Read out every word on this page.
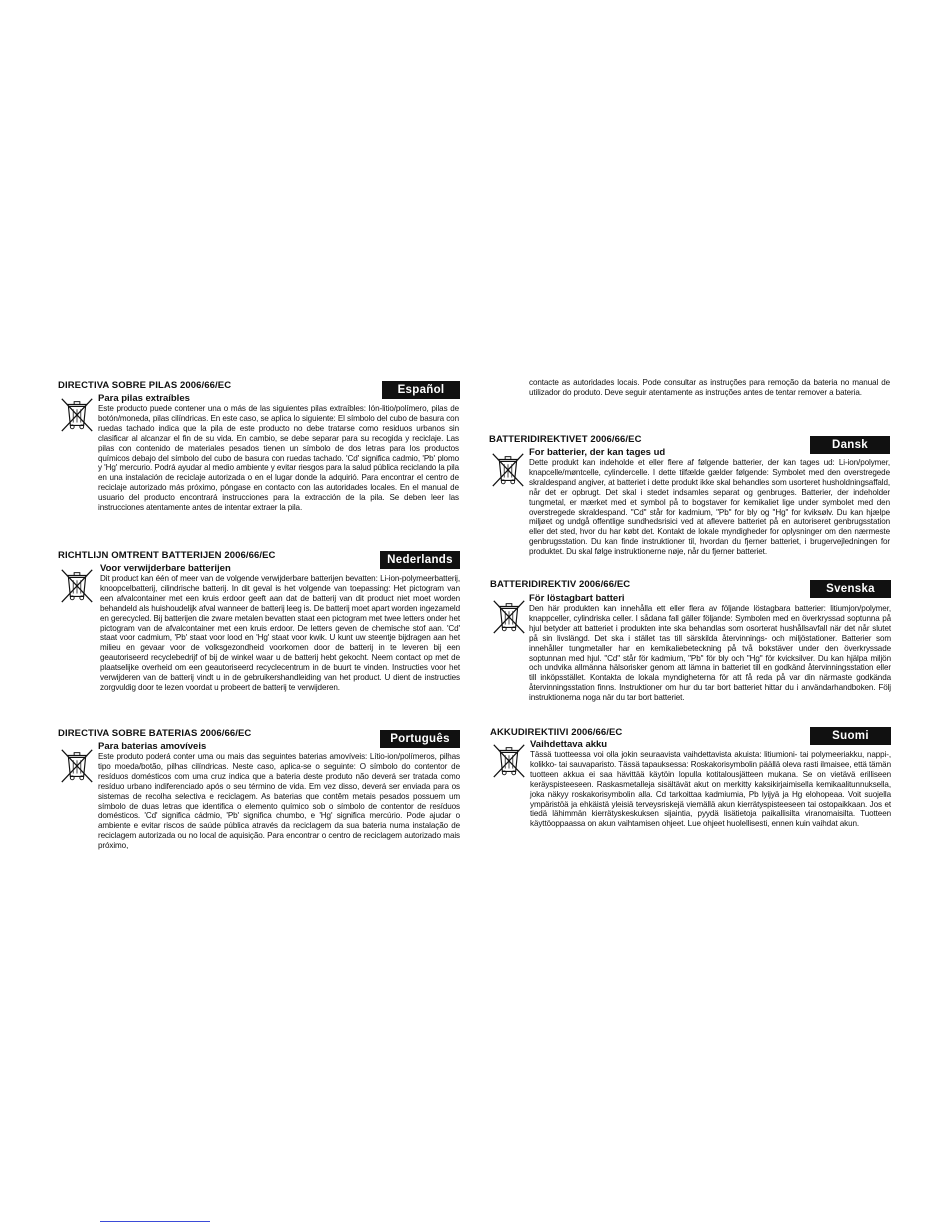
DIRECTIVA SOBRE PILAS 2006/66/EC	Español
Para pilas extraíbles
Este producto puede contener una o más de las siguientes pilas extraíbles: Ión-litio/polímero, pilas de botón/moneda, pilas cilíndricas. En este caso, se aplica lo siguiente: El símbolo del cubo de basura con ruedas tachado indica que la pila de este producto no debe tratarse como residuos urbanos sin clasificar al alcanzar el fin de su vida. En cambio, se debe separar para su recogida y reciclaje. Las pilas con contenido de materiales pesados tienen un símbolo de dos letras para los productos químicos debajo del símbolo del cubo de basura con ruedas tachado. 'Cd' significa cadmio, 'Pb' plomo y 'Hg' mercurio. Podrá ayudar al medio ambiente y evitar riesgos para la salud pública reciclando la pila en una instalación de reciclaje autorizada o en el lugar donde la adquirió. Para encontrar el centro de reciclaje autorizado más próximo, póngase en contacto con las autoridades locales. En el manual de usuario del producto encontrará instrucciones para la extracción de la pila. Se deben leer las instrucciones atentamente antes de intentar extraer la pila.
RICHTLIJN OMTRENT BATTERIJEN 2006/66/EC	Nederlands
Voor verwijderbare batterijen
Dit product kan één of meer van de volgende verwijderbare batterijen bevatten: Li-ion-polymeerbatterij, knoopcelbatterij, cilindrische batterij. In dit geval is het volgende van toepassing: Het pictogram van een afvalcontainer met een kruis erdoor geeft aan dat de batterij van dit product niet moet worden behandeld als huishoudelijk afval wanneer de batterij leeg is. De batterij moet apart worden ingezameld en gerecycled. Bij batterijen die zware metalen bevatten staat een pictogram met twee letters onder het pictogram van de afvalcontainer met een kruis erdoor. De letters geven de chemische stof aan. 'Cd' staat voor cadmium, 'Pb' staat voor lood en 'Hg' staat voor kwik. U kunt uw steentje bijdragen aan het milieu en gevaar voor de volksgezondheid voorkomen door de batterij in te leveren bij een geautoriseerd recyclebedrijf of bij de winkel waar u de batterij hebt gekocht. Neem contact op met de plaatselijke overheid om een geautoriseerd recyclecentrum in de buurt te vinden. Instructies voor het verwijderen van de batterij vindt u in de gebruikershandleiding van het product. U dient de instructies zorgvuldig door te lezen voordat u probeert de batterij te verwijderen.
DIRECTIVA SOBRE BATERIAS 2006/66/EC	Português
Para baterias amovíveis
Este produto poderá conter uma ou mais das seguintes baterias amovíveis: Lítio-ion/polímeros, pilhas tipo moeda/botão, pilhas cilíndricas. Neste caso, aplica-se o seguinte: O símbolo do contentor de resíduos domésticos com uma cruz indica que a bateria deste produto não deverá ser tratada como resíduo urbano indiferenciado após o seu término de vida. Em vez disso, deverá ser enviada para os sistemas de recolha selectiva e reciclagem. As baterias que contêm metais pesados possuem um símbolo de duas letras que identifica o elemento químico sob o símbolo de contentor de resíduos domésticos. 'Cd' significa cádmio, 'Pb' significa chumbo, e 'Hg' significa mercúrio. Pode ajudar o ambiente e evitar riscos de saúde pública através da reciclagem da sua bateria numa instalação de reciclagem autorizada ou no local de aquisição. Para encontrar o centro de reciclagem autorizado mais próximo,
contacte as autoridades locais. Pode consultar as instruções para remoção da bateria no manual de utilizador do produto. Deve seguir atentamente as instruções antes de tentar remover a bateria.
BATTERIDIREKTIVET 2006/66/EC	Dansk
For batterier, der kan tages ud
Dette produkt kan indeholde et eller flere af følgende batterier, der kan tages ud: Li-ion/polymer, knapcelle/møntcelle, cylindercelle. I dette tilfælde gælder følgende: Symbolet med den overstregede skraldespand angiver, at batteriet i dette produkt ikke skal behandles som usorteret husholdningsaffald, når det er opbrugt. Det skal i stedet indsamles separat og genbruges. Batterier, der indeholder tungmetal, er mærket med et symbol på to bogstaver for kemikaliet lige under symbolet med den overstregede skraldespand. "Cd" står for kadmium, "Pb" for bly og "Hg" for kviksølv. Du kan hjælpe miljøet og undgå offentlige sundhedsrisici ved at aflevere batteriet på en autoriseret genbrugsstation eller det sted, hvor du har købt det. Kontakt de lokale myndigheder for oplysninger om den nærmeste genbrugsstation. Du kan finde instruktioner til, hvordan du fjerner batteriet, i brugervejledningen for produktet. Du skal følge instruktionerne nøje, når du fjerner batteriet.
BATTERIDIREKTIV 2006/66/EC	Svenska
För löstagbart batteri
Den här produkten kan innehålla ett eller flera av följande löstagbara batterier: litiumjon/polymer, knappceller, cylindriska celler. I sådana fall gäller följande: Symbolen med en överkryssad soptunna på hjul betyder att batteriet i produkten inte ska behandlas som osorterat hushållsavfall när det når slutet på sin livslängd. Det ska i stället tas till särskilda återvinnings- och miljöstationer. Batterier som innehåller tungmetaller har en kemikaliebeteckning på två bokstäver under den överkryssade soptunnan med hjul. "Cd" står för kadmium, "Pb" för bly och "Hg" för kvicksilver. Du kan hjälpa miljön och undvika allmänna hälsorisker genom att lämna in batteriet till en godkänd återvinningsstation eller till inköpsstället. Kontakta de lokala myndigheterna för att få reda på var din närmaste godkända återvinningsstation finns. Instruktioner om hur du tar bort batteriet hittar du i användarhandboken. Följ instruktionerna noga när du tar bort batteriet.
AKKUDIREKTIIVI 2006/66/EC	Suomi
Vaihdettava akku
Tässä tuotteessa voi olla jokin seuraavista vaihdettavista akuista: litiumioni- tai polymeeriakku, nappi-, kolikko- tai sauvaparisto. Tässä tapauksessa: Roskakorisymbolin päällä oleva rasti ilmaisee, että tämän tuotteen akkua ei saa hävittää käytöin lopulla kotitalousjätteen mukana. Se on vietävä erilliseen keräyspisteeseen. Raskasmetalleja sisältävät akut on merkitty kaksikirjaimisella kemikaalitunnuksella, joka näkyy roskakorisymbolin alla. Cd tarkoittaa kadmiumia, Pb lyijyä ja Hg elohopeaa. Voit suojella ympäristöä ja ehkäistä yleisiä terveysriskejä viemällä akun kierrätyspisteeseen tai ostopaikkaan. Jos et tiedä lähimmän kierrätyskeskuksen sijaintia, pyydä lisätietoja paikallisilta viranomaisilta. Tuotteen käyttöoppaassa on akun vaihtamisen ohjeet. Lue ohjeet huolellisesti, ennen kuin vaihdat akun.
